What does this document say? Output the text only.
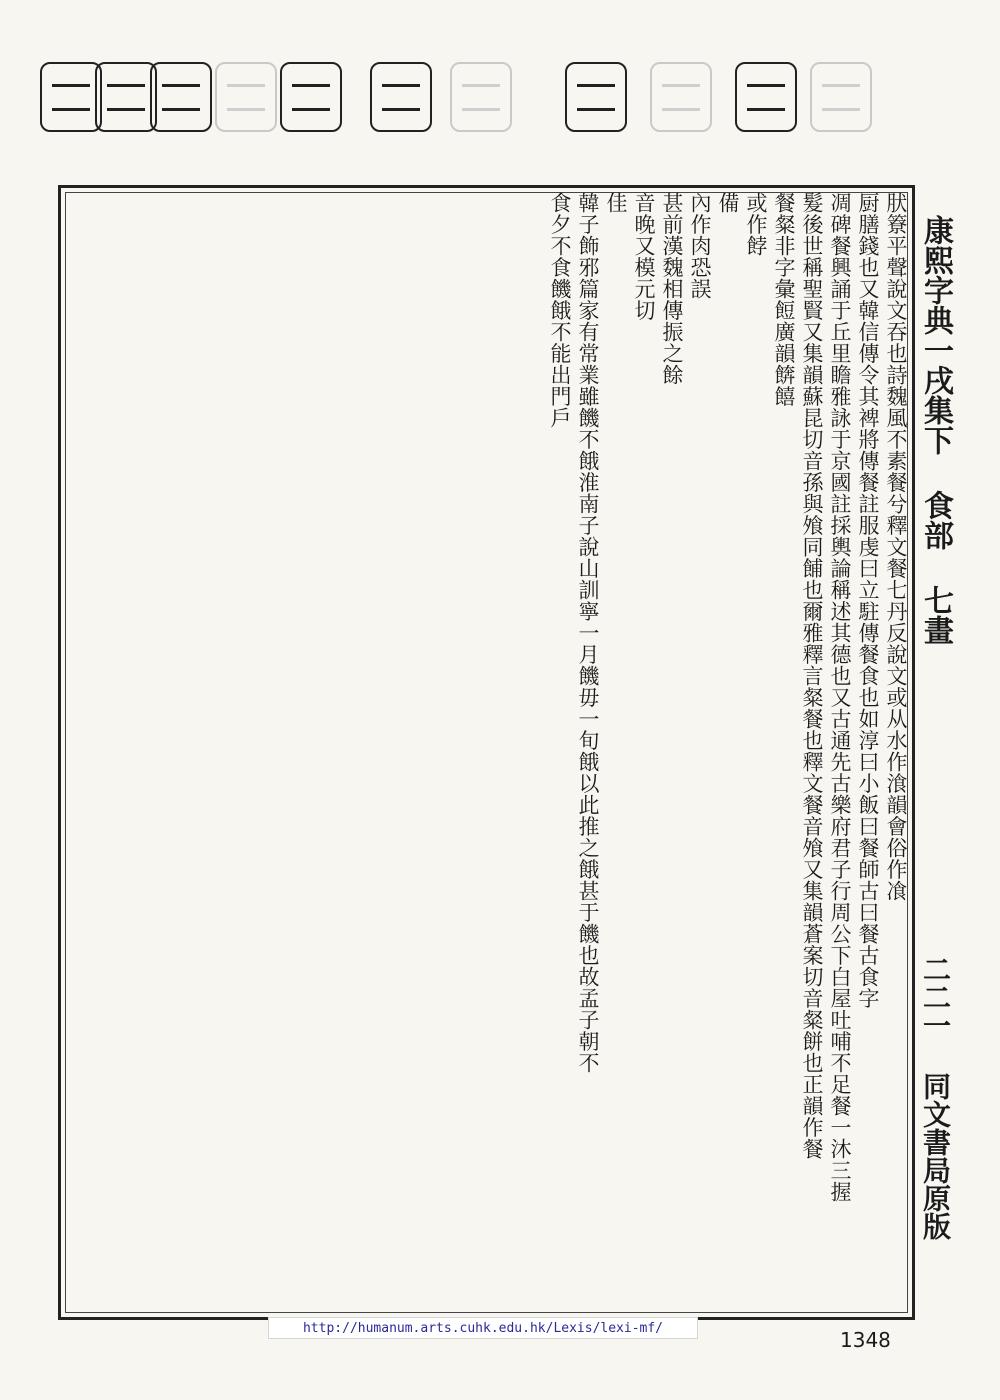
肰簝平聲說文吞也詩魏風不素餐兮釋文餐七丹反說文或从水作湌韻會俗作飡
厨膳錢也又韓信傳令其裨將傳餐註服虔曰立駐傳餐食也如淳曰小飯曰餐師古曰餐古食字
凋碑餐興誦于丘里瞻雅詠于京國註採輿論稱述其德也又古通先古樂府君子行周公下白屋吐哺不足餐一沐三握
髮後世稱聖賢又集韻蘇昆切音孫與飧同餔也爾雅釋言粲餐也釋文餐音飧又集韻蒼案切音粲餅也正韻作餐
餐粲非字彙餖廣韻餴饎
或作餑
備
內作肉恐誤
甚前漢魏相傳振之餘
音晚又模元切
佳
韓子飾邪篇家有常業雖饑不餓淮南子說山訓寧一月饑毋一旬餓以此推之餓甚于饑也故孟子朝不
食夕不食饑餓不能出門戶	康熙字典一戌集下 食部 七畫
二二一 同文書局原版
http://humanum.arts.cuhk.edu.hk/Lexis/lexi-mf/	1348
